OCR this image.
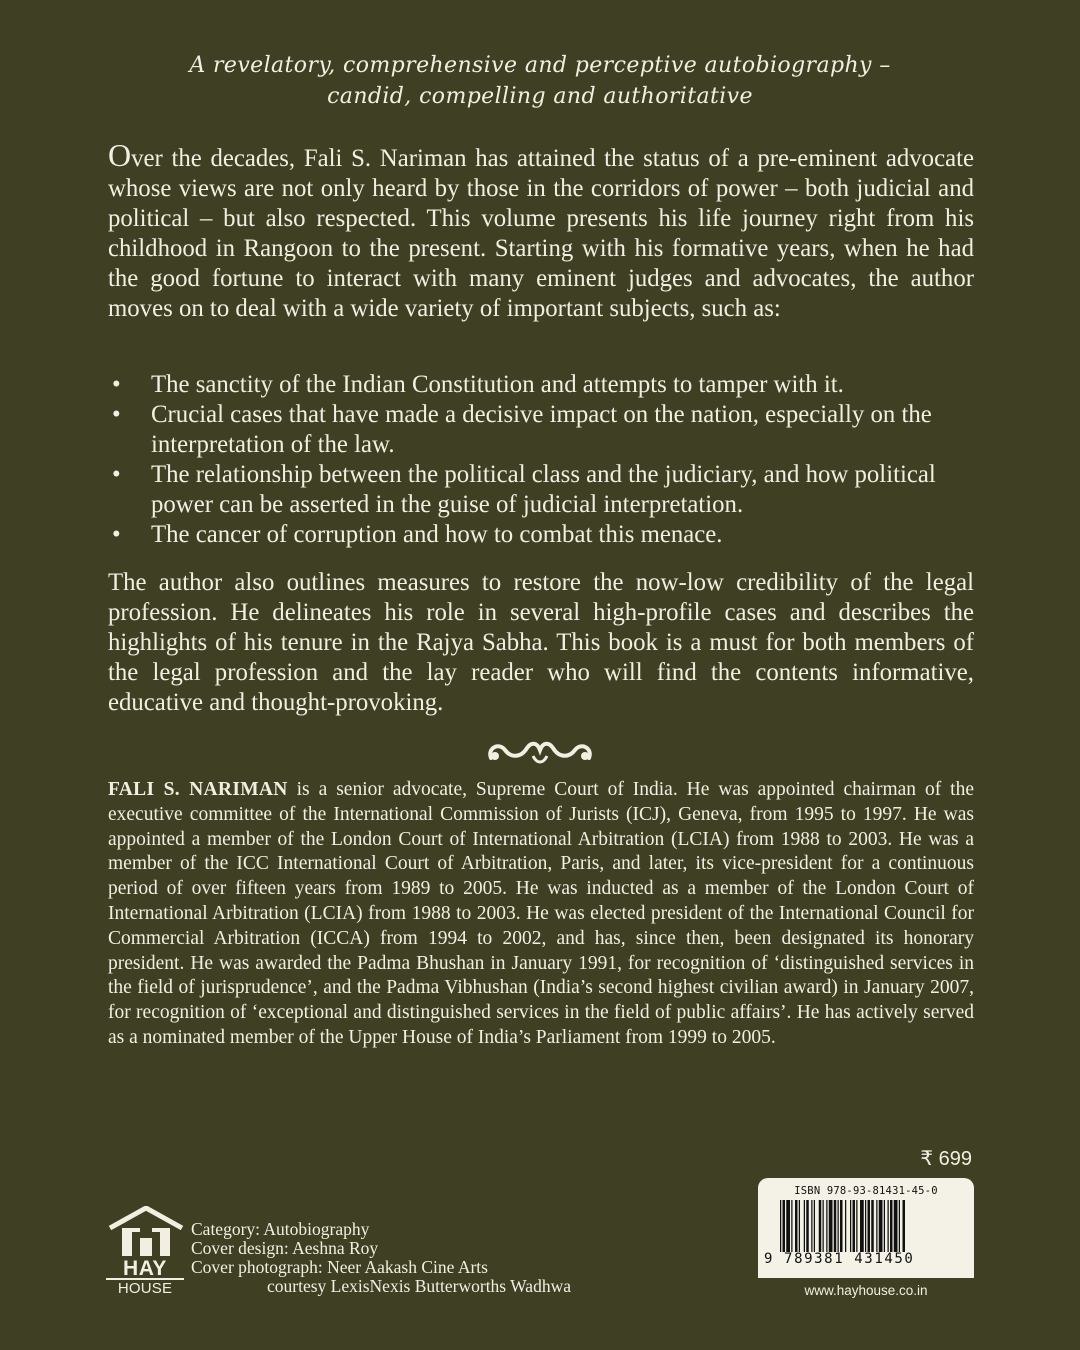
A revelatory, comprehensive and perceptive autobiography –
candid, compelling and authoritative
Over the decades, Fali S. Nariman has attained the status of a pre-eminent advocate whose views are not only heard by those in the corridors of power – both judicial and political – but also respected. This volume presents his life journey right from his childhood in Rangoon to the present. Starting with his formative years, when he had the good fortune to interact with many eminent judges and advocates, the author moves on to deal with a wide variety of important subjects, such as:
•	The sanctity of the Indian Constitution and attempts to tamper with it.
•	Crucial cases that have made a decisive impact on the nation, especially on the interpretation of the law.
•	The relationship between the political class and the judiciary, and how political power can be asserted in the guise of judicial interpretation.
•	The cancer of corruption and how to combat this menace.
The author also outlines measures to restore the now-low credibility of the legal profession. He delineates his role in several high-profile cases and describes the highlights of his tenure in the Rajya Sabha. This book is a must for both members of the legal profession and the lay reader who will find the contents informative, educative and thought-provoking.
FALI S. NARIMAN is a senior advocate, Supreme Court of India. He was appointed chairman of the executive committee of the International Commission of Jurists (ICJ), Geneva, from 1995 to 1997. He was appointed a member of the London Court of International Arbitration (LCIA) from 1988 to 2003. He was a member of the ICC International Court of Arbitration, Paris, and later, its vice-president for a continuous period of over fifteen years from 1989 to 2005. He was inducted as a member of the London Court of International Arbitration (LCIA) from 1988 to 2003. He was elected president of the International Council for Commercial Arbitration (ICCA) from 1994 to 2002, and has, since then, been designated its honorary president. He was awarded the Padma Bhushan in January 1991, for recognition of ‘distinguished services in the field of jurisprudence’, and the Padma Vibhushan (India’s second highest civilian award) in January 2007, for recognition of ‘exceptional and distinguished services in the field of public affairs’. He has actively served as a nominated member of the Upper House of India’s Parliament from 1999 to 2005.
₹ 699
ISBN 978-93-81431-45-0
9 789381 431450
www.hayhouse.co.in
HAY
HOUSE
Category: Autobiography
Cover design: Aeshna Roy
Cover photograph: Neer Aakash Cine Arts
courtesy LexisNexis Butterworths Wadhwa
